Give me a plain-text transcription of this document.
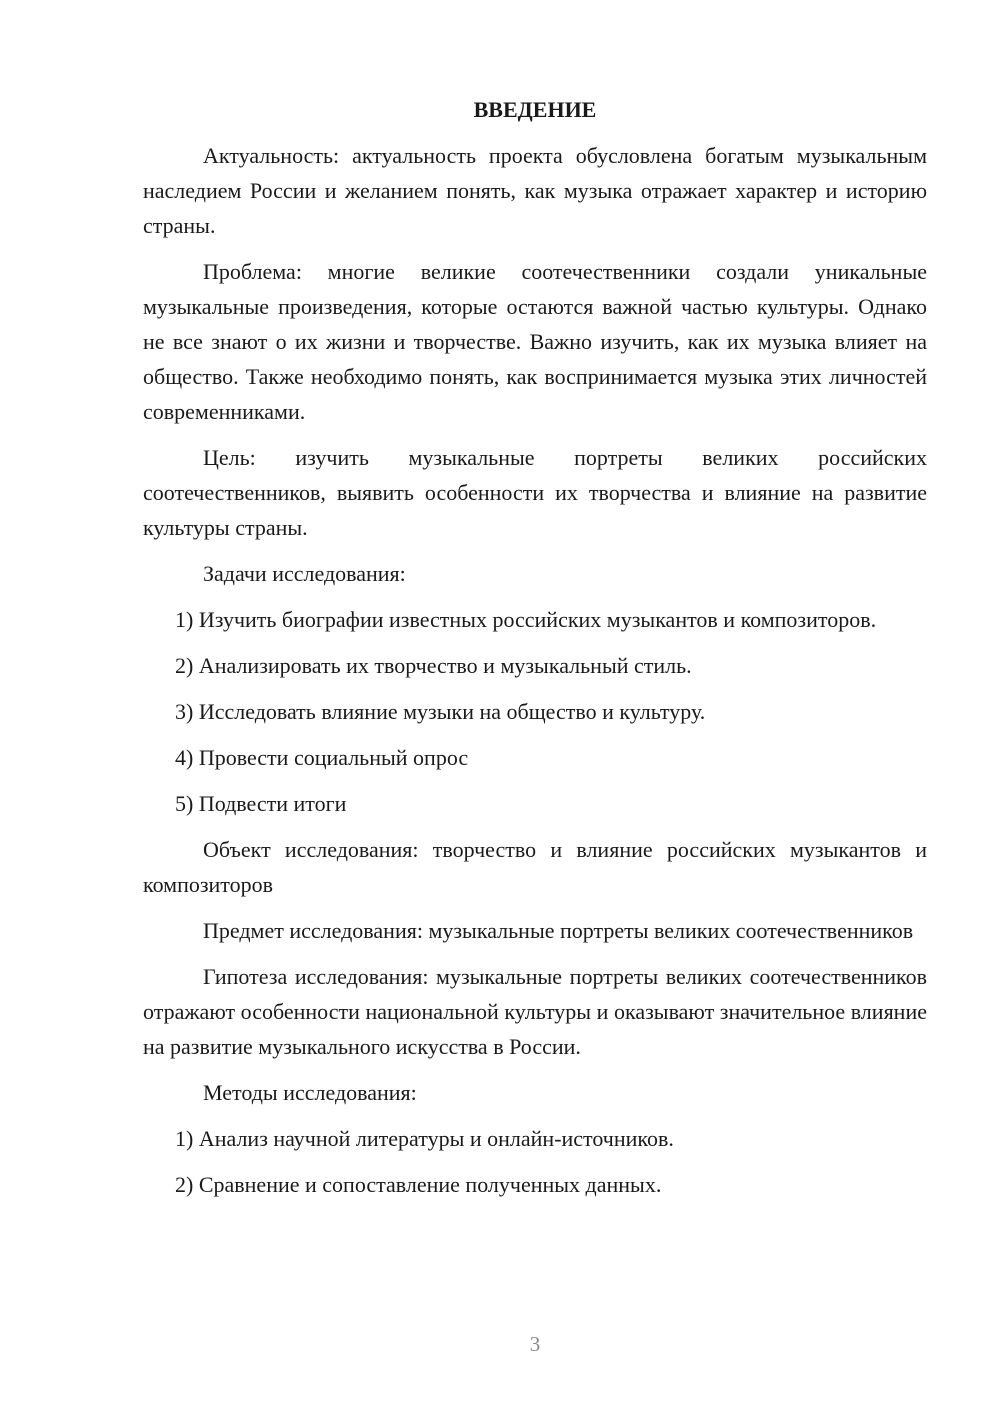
ВВЕДЕНИЕ

Актуальность: актуальность проекта обусловлена богатым музыкальным наследием России и желанием понять, как музыка отражает характер и историю страны.

Проблема: многие великие соотечественники создали уникальные музыкальные произведения, которые остаются важной частью культуры. Однако не все знают о их жизни и творчестве. Важно изучить, как их музыка влияет на общество. Также необходимо понять, как воспринимается музыка этих личностей современниками.

Цель: изучить музыкальные портреты великих российских соотечественников, выявить особенности их творчества и влияние на развитие культуры страны.

Задачи исследования:

1) Изучить биографии известных российских музыкантов и композиторов.

2) Анализировать их творчество и музыкальный стиль.

3) Исследовать влияние музыки на общество и культуру.

4) Провести социальный опрос

5) Подвести итоги

Объект исследования: творчество и влияние российских музыкантов и композиторов

Предмет исследования: музыкальные портреты великих соотечественников

Гипотеза исследования: музыкальные портреты великих соотечественников отражают особенности национальной культуры и оказывают значительное влияние на развитие музыкального искусства в России.

Методы исследования:

1) Анализ научной литературы и онлайн-источников.

2) Сравнение и сопоставление полученных данных.

3
